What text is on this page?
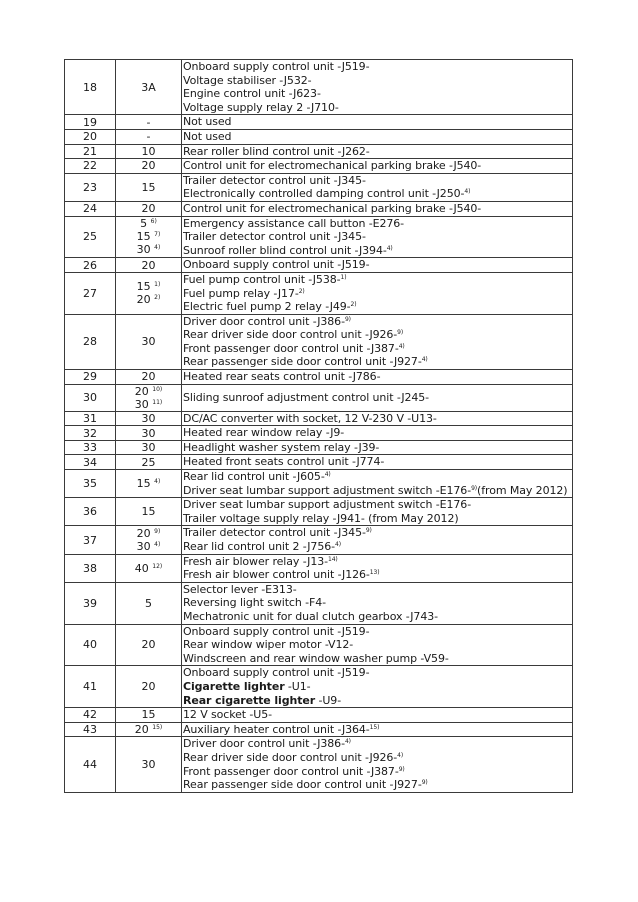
18	3A	Onboard supply control unit -J519-
Voltage stabiliser -J532-
Engine control unit -J623-
Voltage supply relay 2 -J710-

19	-	Not used

20	-	Not used

21	10	Rear roller blind control unit -J262-

22	20	Control unit for electromechanical parking brake -J540-

23	15	Trailer detector control unit -J345-
Electronically controlled damping control unit -J250-$^{4)}$

24	20	Control unit for electromechanical parking brake -J540-

25	5 $^{6)}$
15 $^{7)}$
30 $^{4)}$	Emergency assistance call button -E276-
Trailer detector control unit -J345-
Sunroof roller blind control unit -J394-$^{4)}$

26	20	Onboard supply control unit -J519-

27	15 $^{1)}$
20 $^{2)}$	Fuel pump control unit -J538-$^{1)}$
Fuel pump relay -J17-$^{2)}$
Electric fuel pump 2 relay -J49-$^{2)}$

28	30	Driver door control unit -J386-$^{9)}$
Rear driver side door control unit -J926-$^{9)}$
Front passenger door control unit -J387-$^{4)}$
Rear passenger side door control unit -J927-$^{4)}$

29	20	Heated rear seats control unit -J786-

30	20 $^{10)}$
30 $^{11)}$	Sliding sunroof adjustment control unit -J245-

31	30	DC/AC converter with socket, 12 V-230 V -U13-

32	30	Heated rear window relay -J9-

33	30	Headlight washer system relay -J39-

34	25	Heated front seats control unit -J774-

35	15 $^{4)}$	Rear lid control unit -J605-$^{4)}$
Driver seat lumbar support adjustment switch -E176-$^{9)}$(from May 2012)

36	15	Driver seat lumbar support adjustment switch -E176-
Trailer voltage supply relay -J941- (from May 2012)

37	20 $^{9)}$
30 $^{4)}$	Trailer detector control unit -J345-$^{9)}$
Rear lid control unit 2 -J756-$^{4)}$

38	40 $^{12)}$	Fresh air blower relay -J13-$^{14)}$
Fresh air blower control unit -J126-$^{13)}$

39	5	Selector lever -E313-
Reversing light switch -F4-
Mechatronic unit for dual clutch gearbox -J743-

40	20	Onboard supply control unit -J519-
Rear window wiper motor -V12-
Windscreen and rear window washer pump -V59-

41	20	Onboard supply control unit -J519-
Cigarette lighter -U1-
Rear cigarette lighter -U9-

42	15	12 V socket -U5-

43	20 $^{15)}$	Auxiliary heater control unit -J364-$^{15)}$

44	30	Driver door control unit -J386-$^{4)}$
Rear driver side door control unit -J926-$^{4)}$
Front passenger door control unit -J387-$^{9)}$
Rear passenger side door control unit -J927-$^{9)}$
